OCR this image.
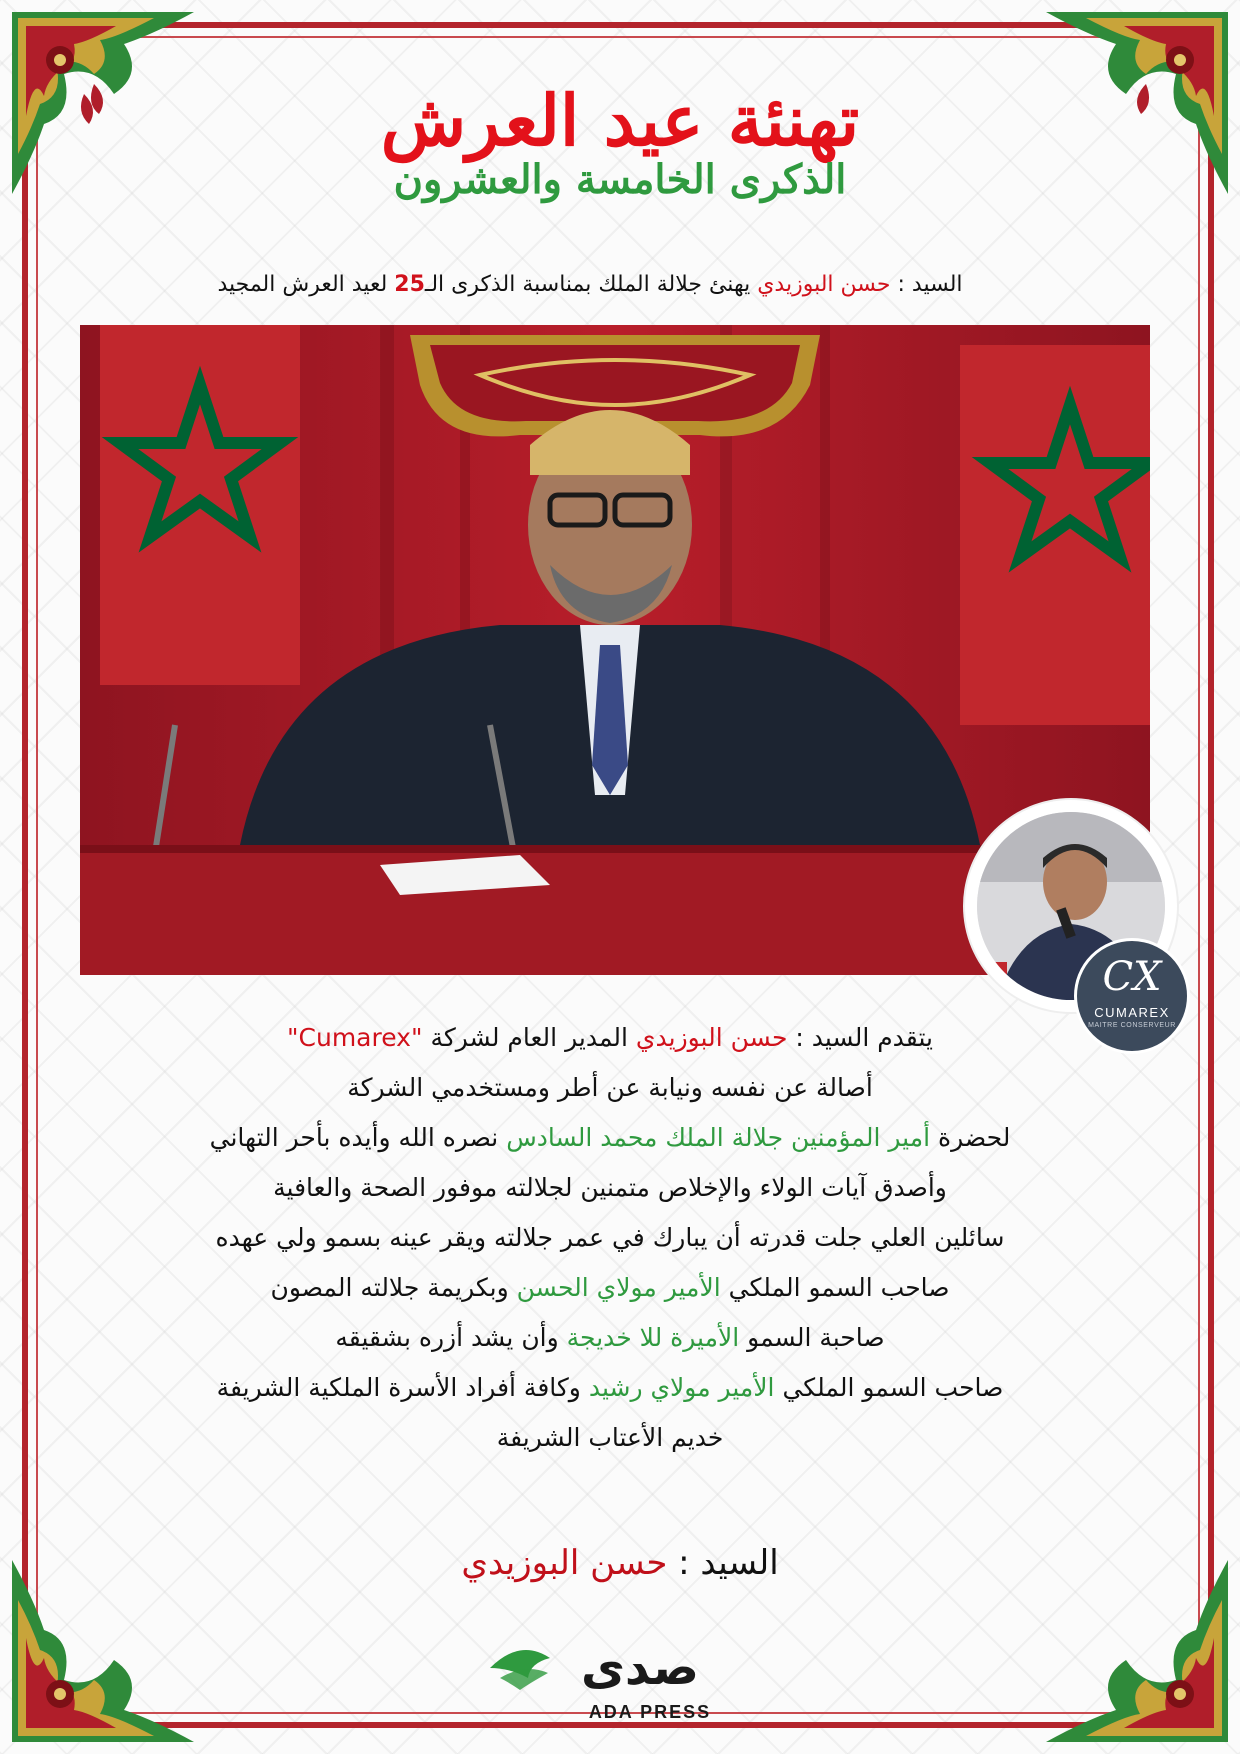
تهنئة عيد العرش
الذكرى الخامسة والعشرون
السيد : حسن البوزيدي يهنئ جلالة الملك بمناسبة الذكرى الـ25 لعيد العرش المجيد
CX
CUMAREX
MAITRE CONSERVEUR
يتقدم السيد : حسن البوزيدي المدير العام لشركة "Cumarex"
أصالة عن نفسه ونيابة عن أطر ومستخدمي الشركة
لحضرة أمير المؤمنين جلالة الملك محمد السادس نصره الله وأيده بأحر التهاني
وأصدق آيات الولاء والإخلاص متمنين لجلالته موفور الصحة والعافية
سائلين العلي جلت قدرته أن يبارك في عمر جلالته ويقر عينه بسمو ولي عهده
صاحب السمو الملكي الأمير مولاي الحسن وبكريمة جلالته المصون
صاحبة السمو الأميرة للا خديجة وأن يشد أزره بشقيقه
صاحب السمو الملكي الأمير مولاي رشيد وكافة أفراد الأسرة الملكية الشريفة
خديم الأعتاب الشريفة
السيد : حسن البوزيدي
صدى
ADA PRESS
